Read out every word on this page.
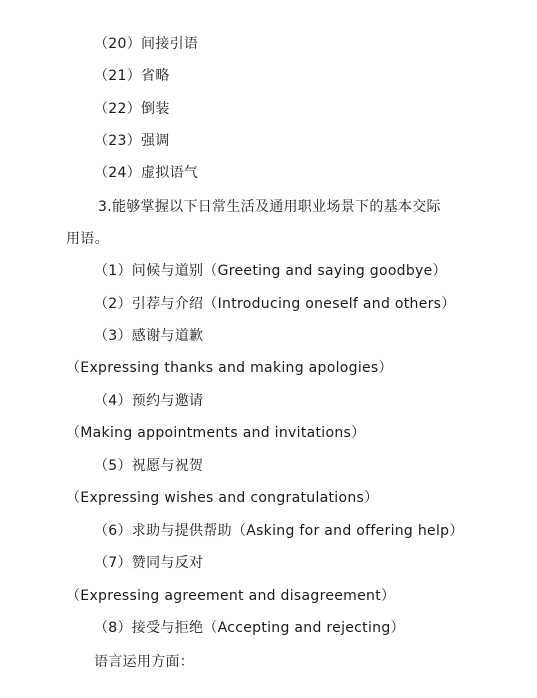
（20）间接引语
（21）省略
（22）倒装
（23）强调
（24）虚拟语气
3.能够掌握以下日常生活及通用职业场景下的基本交际
用语。
（1）问候与道别（Greeting and saying goodbye）
（2）引荐与介绍（Introducing oneself and others）
（3）感谢与道歉
（Expressing thanks and making apologies）
（4）预约与邀请
（Making appointments and invitations）
（5）祝愿与祝贺
（Expressing wishes and congratulations）
（6）求助与提供帮助（Asking for and offering help）
（7）赞同与反对
（Expressing agreement and disagreement）
（8）接受与拒绝（Accepting and rejecting）
语言运用方面：
